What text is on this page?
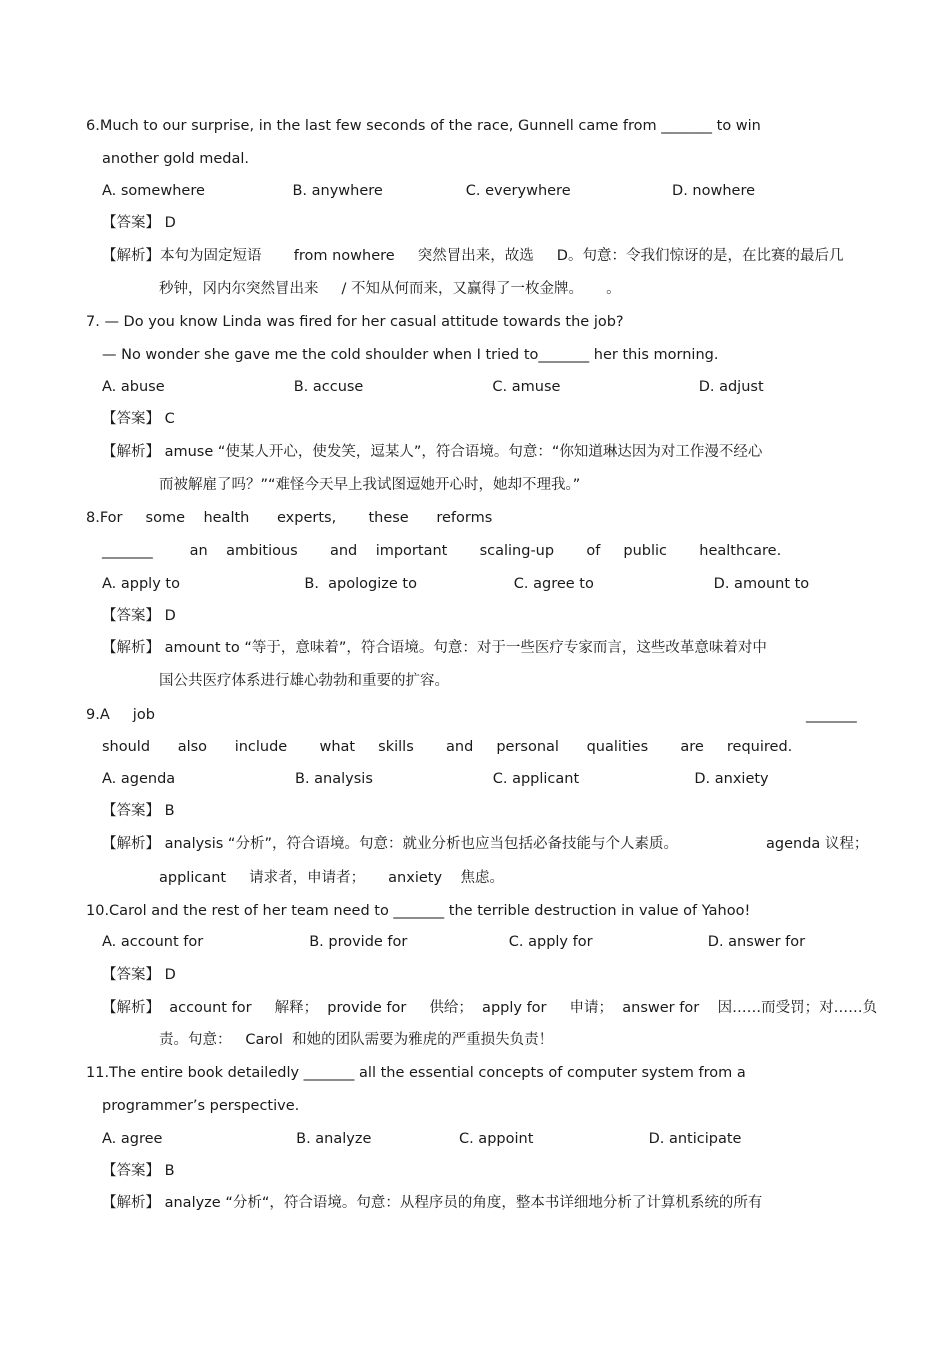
6.Much to our surprise, in the last few seconds of the race, Gunnell came from _______ to win
another gold medal.
A. somewhere                   B. anywhere                  C. everywhere                      D. nowhere
【答案】 D
【解析】本句为固定短语       from nowhere     突然冒出来，故选     D。句意：令我们惊讶的是，在比赛的最后几
秒钟，冈内尔突然冒出来     / 不知从何而来，又赢得了一枚金牌。     。
7. — Do you know Linda was fired for her casual attitude towards the job?
— No wonder she gave me the cold shoulder when I tried to_______ her this morning.
A. abuse                            B. accuse                            C. amuse                              D. adjust
【答案】 C
【解析】 amuse “使某人开心，使发笑，逗某人”，符合语境。句意：“你知道琳达因为对工作漫不经心
而被解雇了吗？”“难怪今天早上我试图逗她开心时，她却不理我。”
8.For     some    health      experts,       these      reforms
_______        an    ambitious       and    important       scaling-up       of     public       healthcare.
A. apply to                           B.  apologize to                     C. agree to                          D. amount to
【答案】 D
【解析】 amount to “等于，意味着”，符合语境。句意：对于一些医疗专家而言，这些改革意味着对中
国公共医疗体系进行雄心勃勃和重要的扩容。
9.A     job	_______
should      also      include       what     skills       and     personal      qualities       are     required.
A. agenda                          B. analysis                          C. applicant                         D. anxiety
【答案】 B
【解析】 analysis “分析”，符合语境。句意：就业分析也应当包括必备技能与个人素质。	agenda 议程；
applicant     请求者，申请者；     anxiety    焦虑。
10.Carol and the rest of her team need to _______ the terrible destruction in value of Yahoo!
A. account for                       B. provide for                      C. apply for                         D. answer for
【答案】 D
【解析】  account for     解释；  provide for     供给；  apply for     申请；  answer for    因……而受罚；对……负
责。句意：   Carol  和她的团队需要为雅虎的严重损失负责！
11.The entire book detailedly _______ all the essential concepts of computer system from a
programmer’s perspective.
A. agree                             B. analyze                   C. appoint                         D. anticipate
【答案】 B
【解析】 analyze “分析“，符合语境。句意：从程序员的角度，整本书详细地分析了计算机系统的所有
